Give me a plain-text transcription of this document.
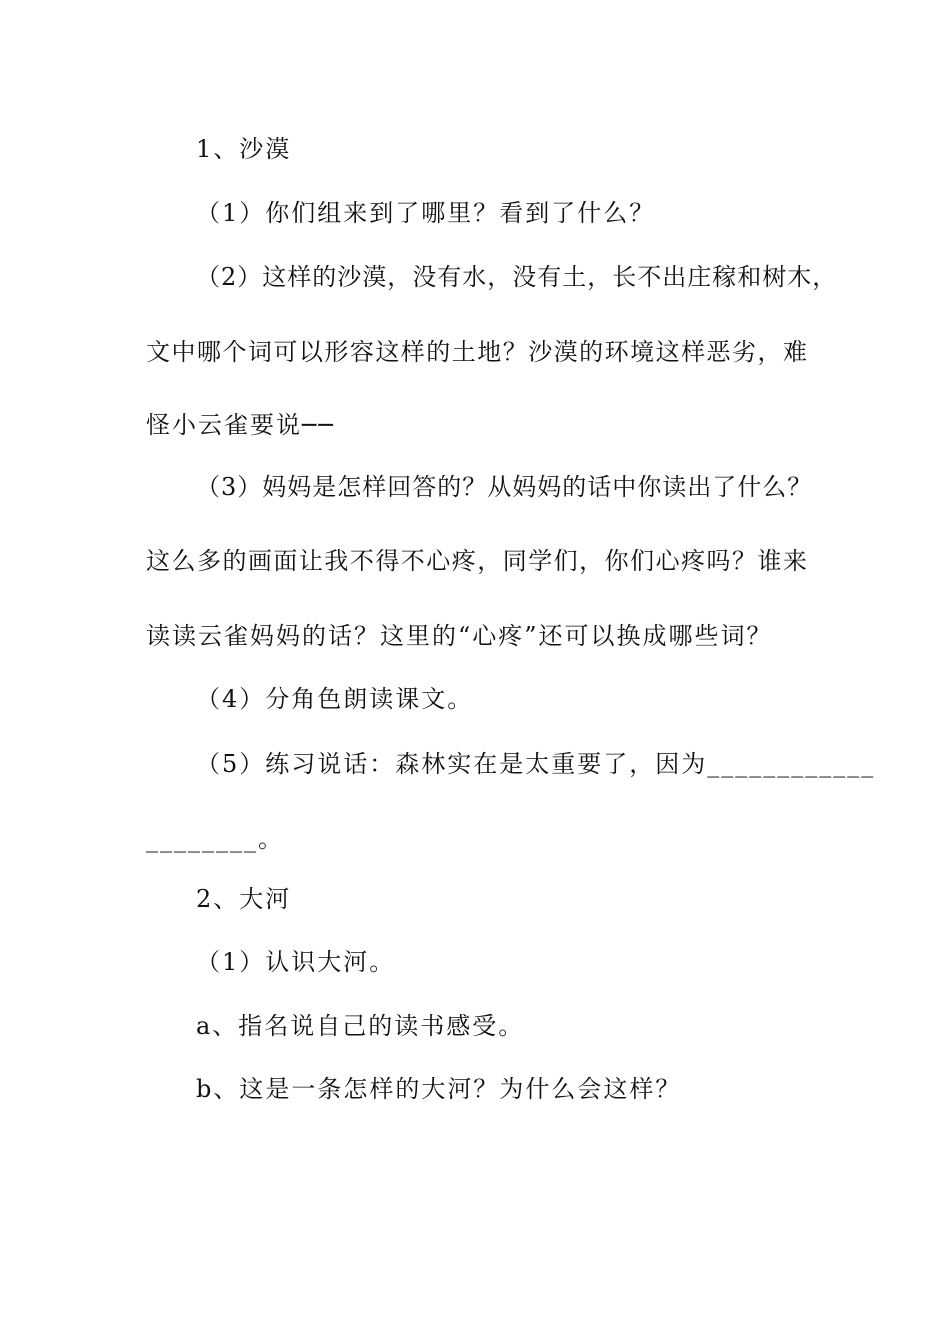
1、沙漠
（1）你们组来到了哪里？看到了什么？
（2）这样的沙漠，没有水，没有土，长不出庄稼和树木，
文中哪个词可以形容这样的土地？沙漠的环境这样恶劣，难
怪小云雀要说──
（3）妈妈是怎样回答的？从妈妈的话中你读出了什么？
这么多的画面让我不得不心疼，同学们，你们心疼吗？谁来
读读云雀妈妈的话？这里的“心疼”还可以换成哪些词？
（4）分角色朗读课文。
（5）练习说话：森林实在是太重要了，因为____________
________。
2、大河
（1）认识大河。
a、指名说自己的读书感受。
b、这是一条怎样的大河？为什么会这样？
